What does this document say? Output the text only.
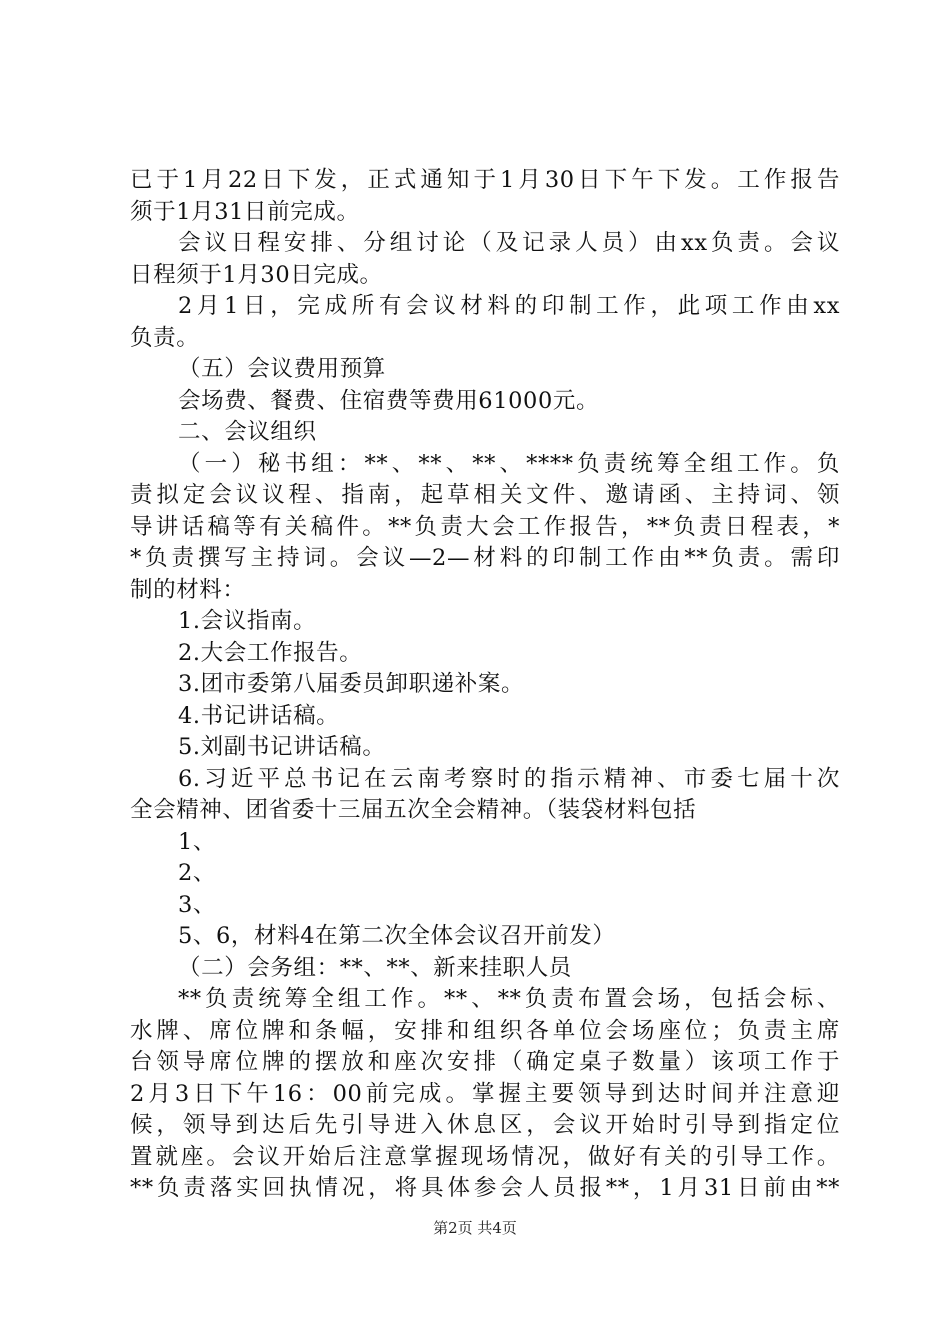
已于1月22日下发，正式通知于1月30日下午下发。工作报告
须于1月31日前完成。
会议日程安排、分组讨论（及记录人员）由xx负责。会议
日程须于1月30日完成。
2月1日，完成所有会议材料的印制工作，此项工作由xx
负责。
（五）会议费用预算
会场费、餐费、住宿费等费用61000元。
二、会议组织
（一）秘书组：**、**、**、****负责统筹全组工作。负
责拟定会议议程、指南，起草相关文件、邀请函、主持词、领
导讲话稿等有关稿件。**负责大会工作报告，**负责日程表，*
*负责撰写主持词。会议—2—材料的印制工作由**负责。需印
制的材料：
1.会议指南。
2.大会工作报告。
3.团市委第八届委员卸职递补案。
4.书记讲话稿。
5.刘副书记讲话稿。
6.习近平总书记在云南考察时的指示精神、市委七届十次
全会精神、团省委十三届五次全会精神。（装袋材料包括
1、
2、
3、
5、6，材料4在第二次全体会议召开前发）
（二）会务组：**、**、新来挂职人员
**负责统筹全组工作。**、**负责布置会场，包括会标、
水牌、席位牌和条幅，安排和组织各单位会场座位；负责主席
台领导席位牌的摆放和座次安排（确定桌子数量）该项工作于
2月3日下午16：00前完成。掌握主要领导到达时间并注意迎
候，领导到达后先引导进入休息区，会议开始时引导到指定位
置就座。会议开始后注意掌握现场情况，做好有关的引导工作。
**负责落实回执情况，将具体参会人员报**，1月31日前由**
第2页 共4页
